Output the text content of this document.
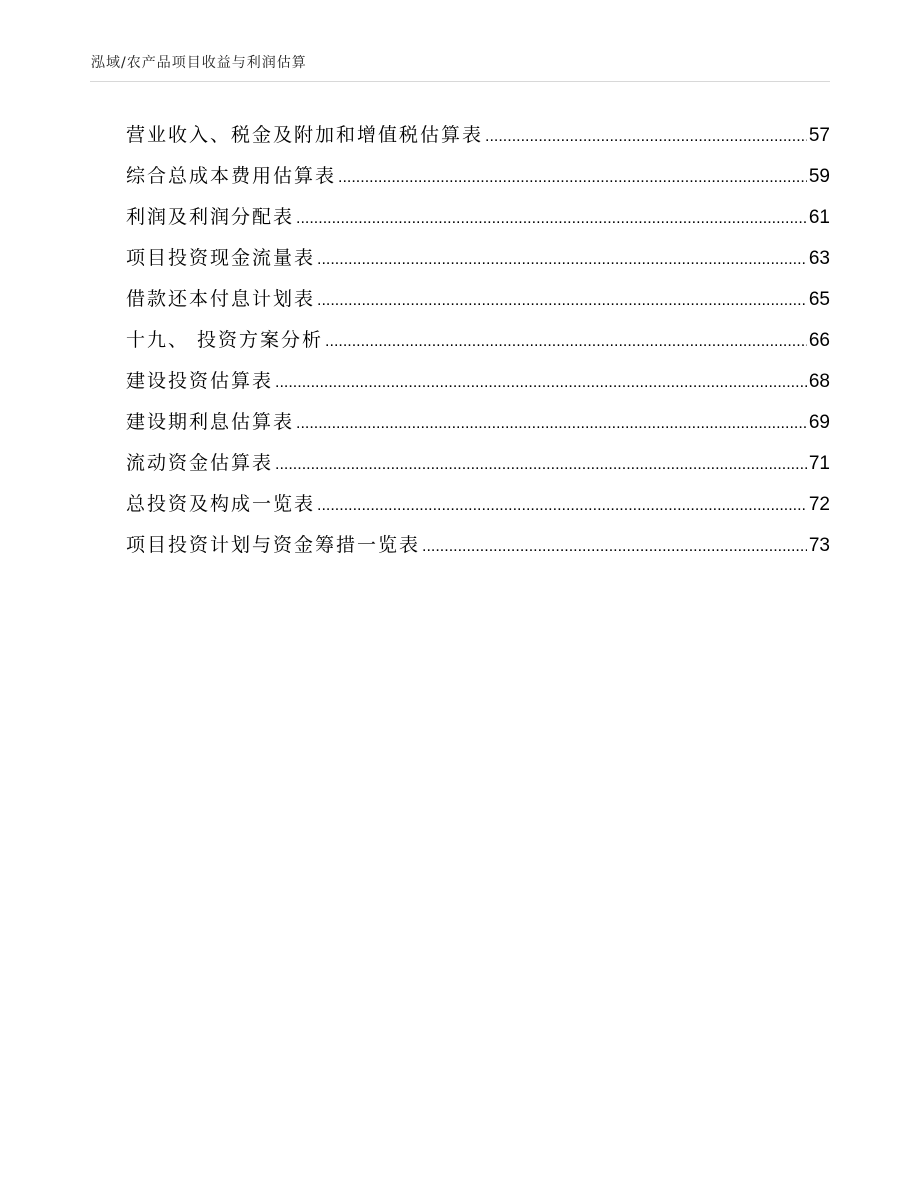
泓域/农产品项目收益与利润估算
营业收入、税金及附加和增值税估算表 .....	57
综合总成本费用估算表 .....	59
利润及利润分配表 .....	61
项目投资现金流量表 .....	63
借款还本付息计划表 .....	65
十九、 投资方案分析 .....	66
建设投资估算表 .....	68
建设期利息估算表 .....	69
流动资金估算表 .....	71
总投资及构成一览表 .....	72
项目投资计划与资金筹措一览表 .....	73
